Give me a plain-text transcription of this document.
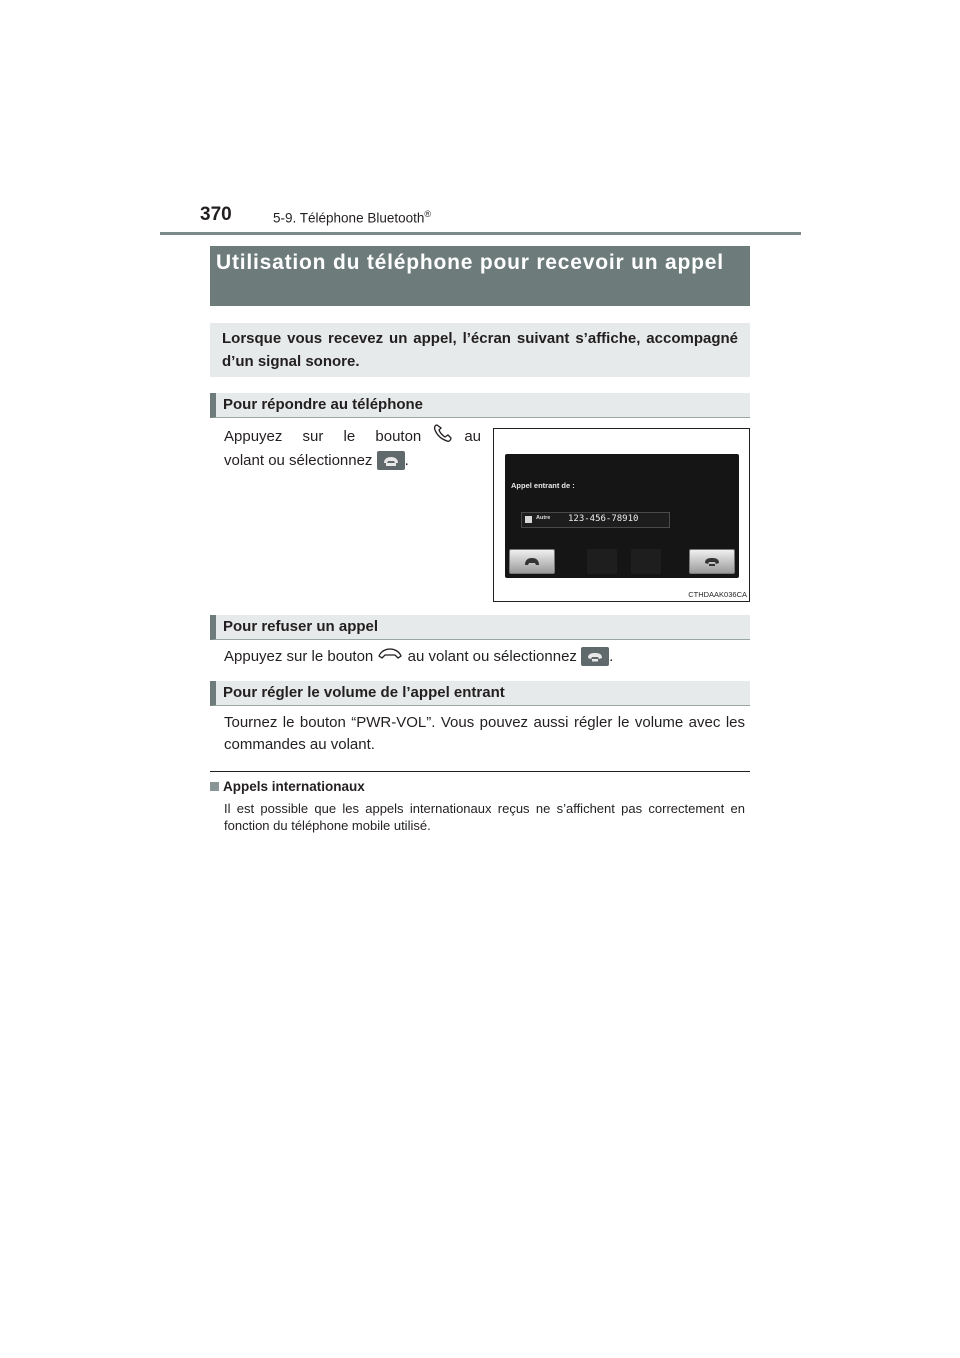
370	5-9. Téléphone Bluetooth®
Utilisation du téléphone pour recevoir un appel
Lorsque vous recevez un appel, l’écran suivant s’affiche, accompagné d’un signal sonore.
Pour répondre au téléphone
Appuyez sur le bouton	au
volant ou sélectionnez .
Appel entrant de :
Autre 123-456-78910
CTHDAAK036CA
Pour refuser un appel
Appuyez sur le bouton au volant ou sélectionnez .
Pour régler le volume de l’appel entrant
Tournez le bouton “PWR-VOL”. Vous pouvez aussi régler le volume avec les commandes au volant.
Appels internationaux
Il est possible que les appels internationaux reçus ne s’affichent pas correctement en fonction du téléphone mobile utilisé.
